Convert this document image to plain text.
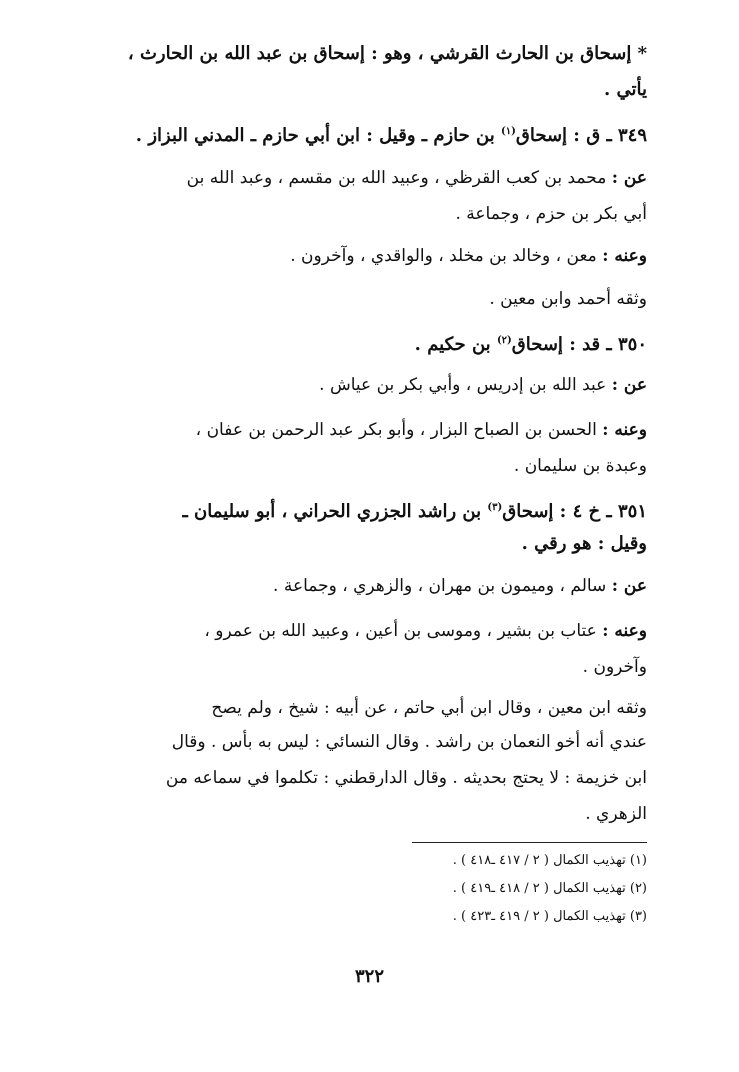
* إسحاق بن الحارث القرشي ، وهو : إسحاق بن عبد الله بن الحارث ،
يأتي .
٣٤٩ ـ ق : إسحاق$^{(١)}$ بن حازم ـ وقيل : ابن أبي حازم ـ المدني البزاز .
عن : محمد بن كعب القرظي ، وعبيد الله بن مقسم ، وعبد الله بن
أبي بكر بن حزم ، وجماعة .
وعنه : معن ، وخالد بن مخلد ، والواقدي ، وآخرون .
وثقه أحمد وابن معين .
٣٥٠ ـ قد : إسحاق$^{(٢)}$ بن حكيم .
عن : عبد الله بن إدريس ، وأبي بكر بن عياش .
وعنه : الحسن بن الصباح البزار ، وأبو بكر عبد الرحمن بن عفان ،
وعبدة بن سليمان .
٣٥١ ـ خ ٤ : إسحاق$^{(٣)}$ بن راشد الجزري الحراني ، أبو سليمان ـ
وقيل : هو رقي .
عن : سالم ، وميمون بن مهران ، والزهري ، وجماعة .
وعنه : عتاب بن بشير ، وموسى بن أعين ، وعبيد الله بن عمرو ،
وآخرون .
وثقه ابن معين ، وقال ابن أبي حاتم ، عن أبيه : شيخ ، ولم يصح
عندي أنه أخو النعمان بن راشد . وقال النسائي : ليس به بأس . وقال
ابن خزيمة : لا يحتج بحديثه . وقال الدارقطني : تكلموا في سماعه من
الزهري .
(١) تهذيب الكمال ( ٢ / ٤١٧ ـ٤١٨ ) .
(٢) تهذيب الكمال ( ٢ / ٤١٨ ـ٤١٩ ) .
(٣) تهذيب الكمال ( ٢ / ٤١٩ ـ٤٢٣ ) .
٣٢٢
